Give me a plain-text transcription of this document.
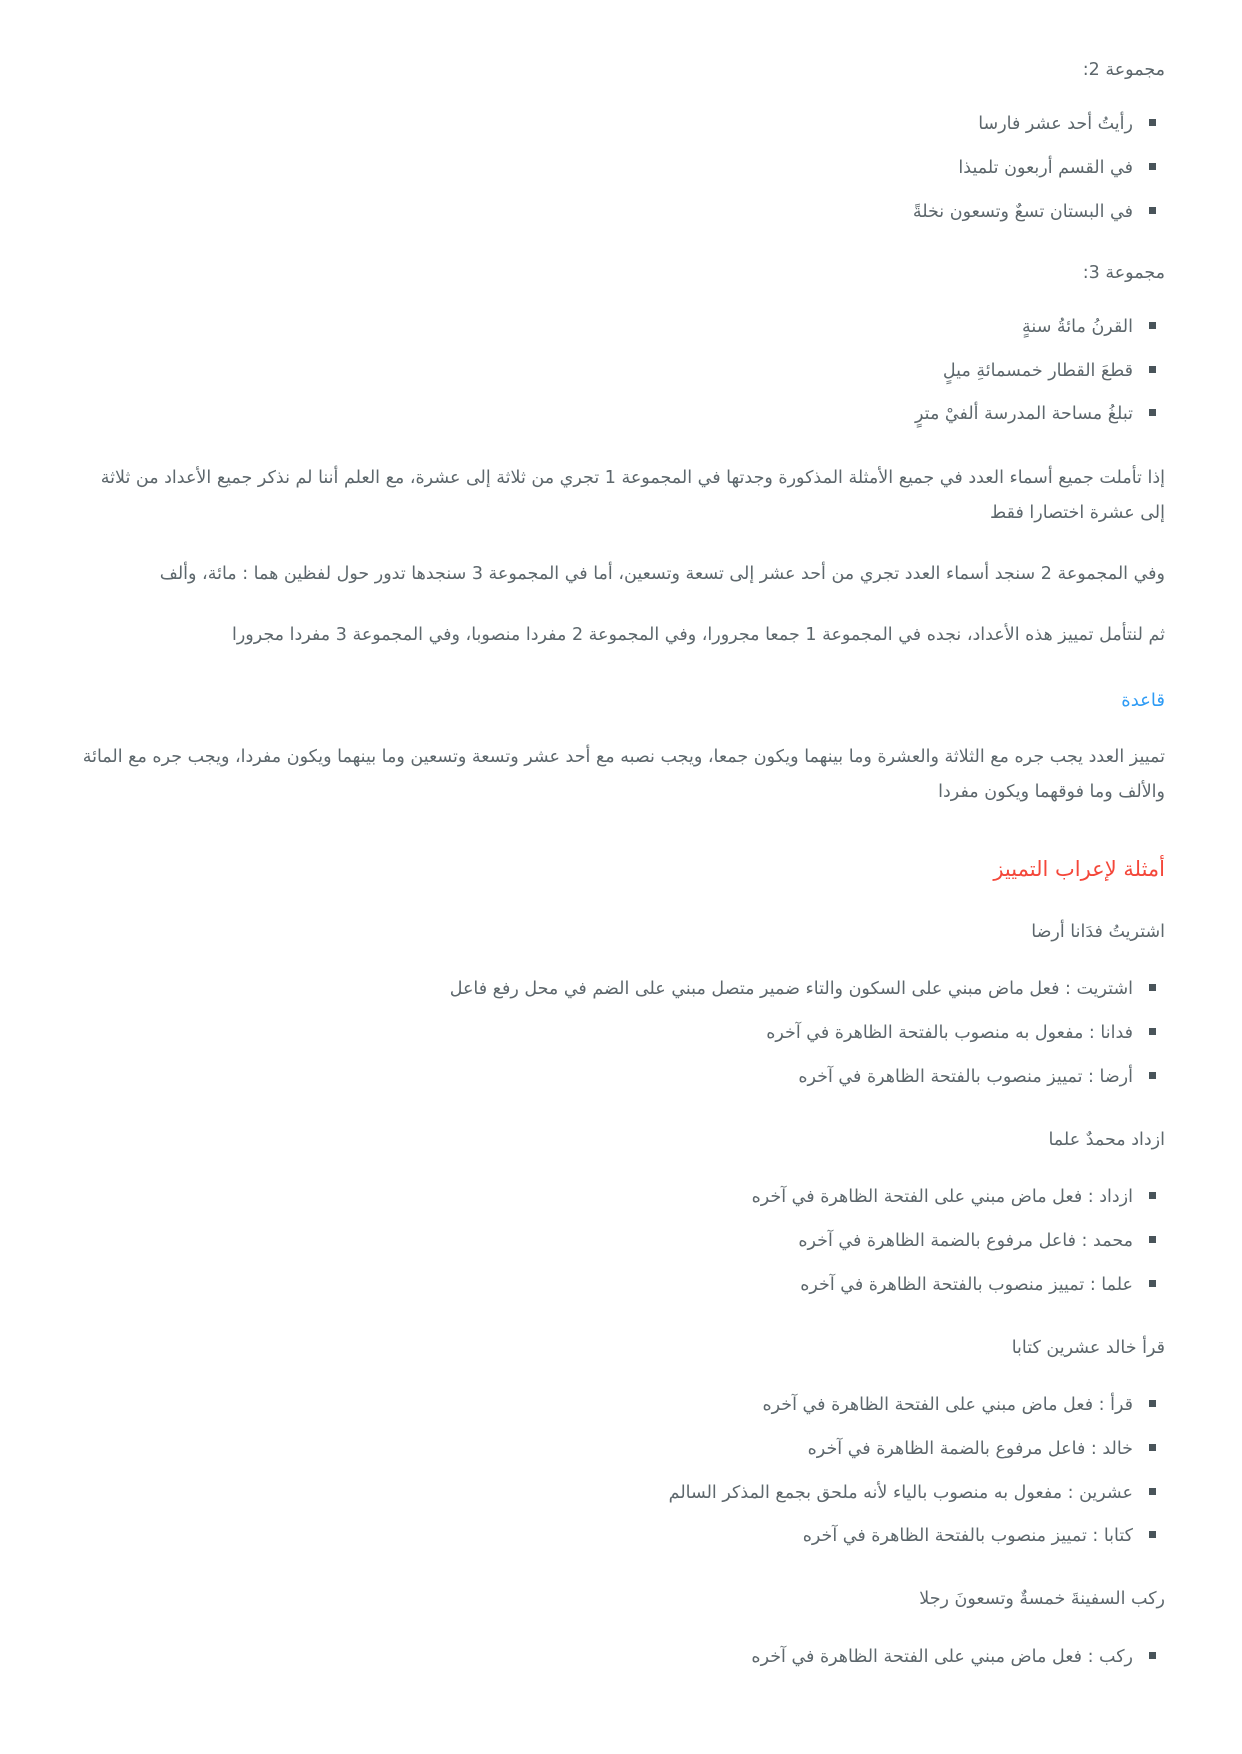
مجموعة 2:

رأيتُ أحد عشر فارسا
في القسم أربعون تلميذا
في البستان تسعٌ وتسعون نخلةً

مجموعة 3:

القرنُ مائةُ سنةٍ
قطعَ القطار خمسمائةِ ميلٍ
تبلغُ مساحة المدرسة ألفيْ مترٍ

إذا تأملت جميع أسماء العدد في جميع الأمثلة المذكورة وجدتها في المجموعة 1 تجري من ثلاثة إلى عشرة، مع العلم أننا لم نذكر جميع الأعداد من ثلاثة إلى عشرة اختصارا فقط

وفي المجموعة 2 سنجد أسماء العدد تجري من أحد عشر إلى تسعة وتسعين، أما في المجموعة 3 سنجدها تدور حول لفظين هما : مائة، وألف

ثم لنتأمل تمييز هذه الأعداد، نجده في المجموعة 1 جمعا مجرورا، وفي المجموعة 2 مفردا منصوبا، وفي المجموعة 3 مفردا مجرورا

قاعدة

تمييز العدد يجب جره مع الثلاثة والعشرة وما بينهما ويكون جمعا، ويجب نصبه مع أحد عشر وتسعة وتسعين وما بينهما ويكون مفردا، ويجب جره مع المائة والألف وما فوقهما ويكون مفردا

أمثلة لإعراب التمييز

اشتريتُ فدَانا أرضا

اشتريت : فعل ماض مبني على السكون والتاء ضمير متصل مبني على الضم في محل رفع فاعل
فدانا : مفعول به منصوب بالفتحة الظاهرة في آخره
أرضا : تمييز منصوب بالفتحة الظاهرة في آخره

ازداد محمدٌ علما

ازداد : فعل ماض مبني على الفتحة الظاهرة في آخره
محمد : فاعل مرفوع بالضمة الظاهرة في آخره
علما : تمييز منصوب بالفتحة الظاهرة في آخره

قرأ خالد عشرين كتابا

قرأ : فعل ماض مبني على الفتحة الظاهرة في آخره
خالد : فاعل مرفوع بالضمة الظاهرة في آخره
عشرين : مفعول به منصوب بالياء لأنه ملحق بجمع المذكر السالم
كتابا : تمييز منصوب بالفتحة الظاهرة في آخره

ركب السفينةَ خمسةٌ وتسعونَ رجلا

ركب : فعل ماض مبني على الفتحة الظاهرة في آخره
